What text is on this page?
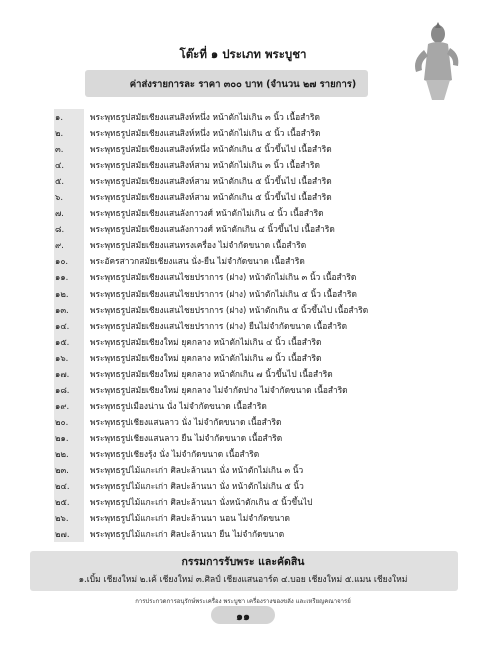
โต๊ะที่ ๑ ประเภท พระบูชา
ค่าส่งรายการละ ราคา ๓๐๐ บาท (จำนวน ๒๗ รายการ)
๑.	พระพุทธรูปสมัยเชียงแสนสิงห์หนึ่ง หน้าตักไม่เกิน ๓ นิ้ว เนื้อสำริด
๒.	พระพุทธรูปสมัยเชียงแสนสิงห์หนึ่ง หน้าตักไม่เกิน ๕ นิ้ว เนื้อสำริด
๓.	พระพุทธรูปสมัยเชียงแสนสิงห์หนึ่ง หน้าตักเกิน ๕ นิ้วขึ้นไป เนื้อสำริด
๔.	พระพุทธรูปสมัยเชียงแสนสิงห์สาม หน้าตักไม่เกิน ๓ นิ้ว เนื้อสำริด
๕.	พระพุทธรูปสมัยเชียงแสนสิงห์สาม หน้าตักเกิน ๕ นิ้วขึ้นไป เนื้อสำริด
๖.	พระพุทธรูปสมัยเชียงแสนสิงห์สาม หน้าตักเกิน ๕ นิ้วขึ้นไป เนื้อสำริด
๗.	พระพุทธรูปสมัยเชียงแสนลังกาวงศ์ หน้าตักไม่เกิน ๔ นิ้ว เนื้อสำริด
๘.	พระพุทธรูปสมัยเชียงแสนลังกาวงศ์ หน้าตักเกิน ๔ นิ้วขึ้นไป เนื้อสำริด
๙.	พระพุทธรูปสมัยเชียงแสนทรงเครื่อง ไม่จำกัดขนาด เนื้อสำริด
๑๐.	พระอัครสาวกสมัยเชียงแสน นั่ง-ยืน ไม่จำกัดขนาด เนื้อสำริด
๑๑.	พระพุทธรูปสมัยเชียงแสนไชยปราการ (ฝาง) หน้าตักไม่เกิน ๓ นิ้ว เนื้อสำริด
๑๒.	พระพุทธรูปสมัยเชียงแสนไชยปราการ (ฝาง) หน้าตักไม่เกิน ๕ นิ้ว เนื้อสำริด
๑๓.	พระพุทธรูปสมัยเชียงแสนไชยปราการ (ฝาง) หน้าตักเกิน ๕ นิ้วขึ้นไป เนื้อสำริด
๑๔.	พระพุทธรูปสมัยเชียงแสนไชยปราการ (ฝาง) ยืนไม่จำกัดขนาด เนื้อสำริด
๑๕.	พระพุทธรูปสมัยเชียงใหม่ ยุคกลาง หน้าตักไม่เกิน ๔ นิ้ว เนื้อสำริด
๑๖.	พระพุทธรูปสมัยเชียงใหม่ ยุคกลาง หน้าตักไม่เกิน ๗ นิ้ว เนื้อสำริด
๑๗.	พระพุทธรูปสมัยเชียงใหม่ ยุคกลาง หน้าตักเกิน ๗ นิ้วขึ้นไป เนื้อสำริด
๑๘.	พระพุทธรูปสมัยเชียงใหม่ ยุคกลาง ไม่จำกัดปาง ไม่จำกัดขนาด เนื้อสำริด
๑๙.	พระพุทธรูปเมืองน่าน นั่ง ไม่จำกัดขนาด เนื้อสำริด
๒๐.	พระพุทธรูปเชียงแสนลาว นั่ง ไม่จำกัดขนาด เนื้อสำริด
๒๑.	พระพุทธรูปเชียงแสนลาว ยืน ไม่จำกัดขนาด เนื้อสำริด
๒๒.	พระพุทธรูปเชียงรุ้ง นั่ง ไม่จำกัดขนาด เนื้อสำริด
๒๓.	พระพุทธรูปไม้แกะเก่า ศิลปะล้านนา นั่ง หน้าตักไม่เกิน ๓ นิ้ว
๒๔.	พระพุทธรูปไม้แกะเก่า ศิลปะล้านนา นั่ง หน้าตักไม่เกิน ๕ นิ้ว
๒๕.	พระพุทธรูปไม้แกะเก่า ศิลปะล้านนา นั่งหน้าตักเกิน ๕ นิ้วขึ้นไป
๒๖.	พระพุทธรูปไม้แกะเก่า ศิลปะล้านนา นอน ไม่จำกัดขนาด
๒๗.	พระพุทธรูปไม้แกะเก่า ศิลปะล้านนา ยืน ไม่จำกัดขนาด
กรรมการรับพระ และคัดสิน
๑.เบิ้ม เชียงใหม่ ๒.เค้ เชียงใหม่ ๓.ศิลป์ เชียงแสนอาร์ต ๔.บอย เชียงใหม่ ๕.แมน เชียงใหม่
การประกวดการอนุรักษ์พระเครื่อง พระบูชา เครื่องรางของขลัง และเหรียญคณาจารย์
๑๑
